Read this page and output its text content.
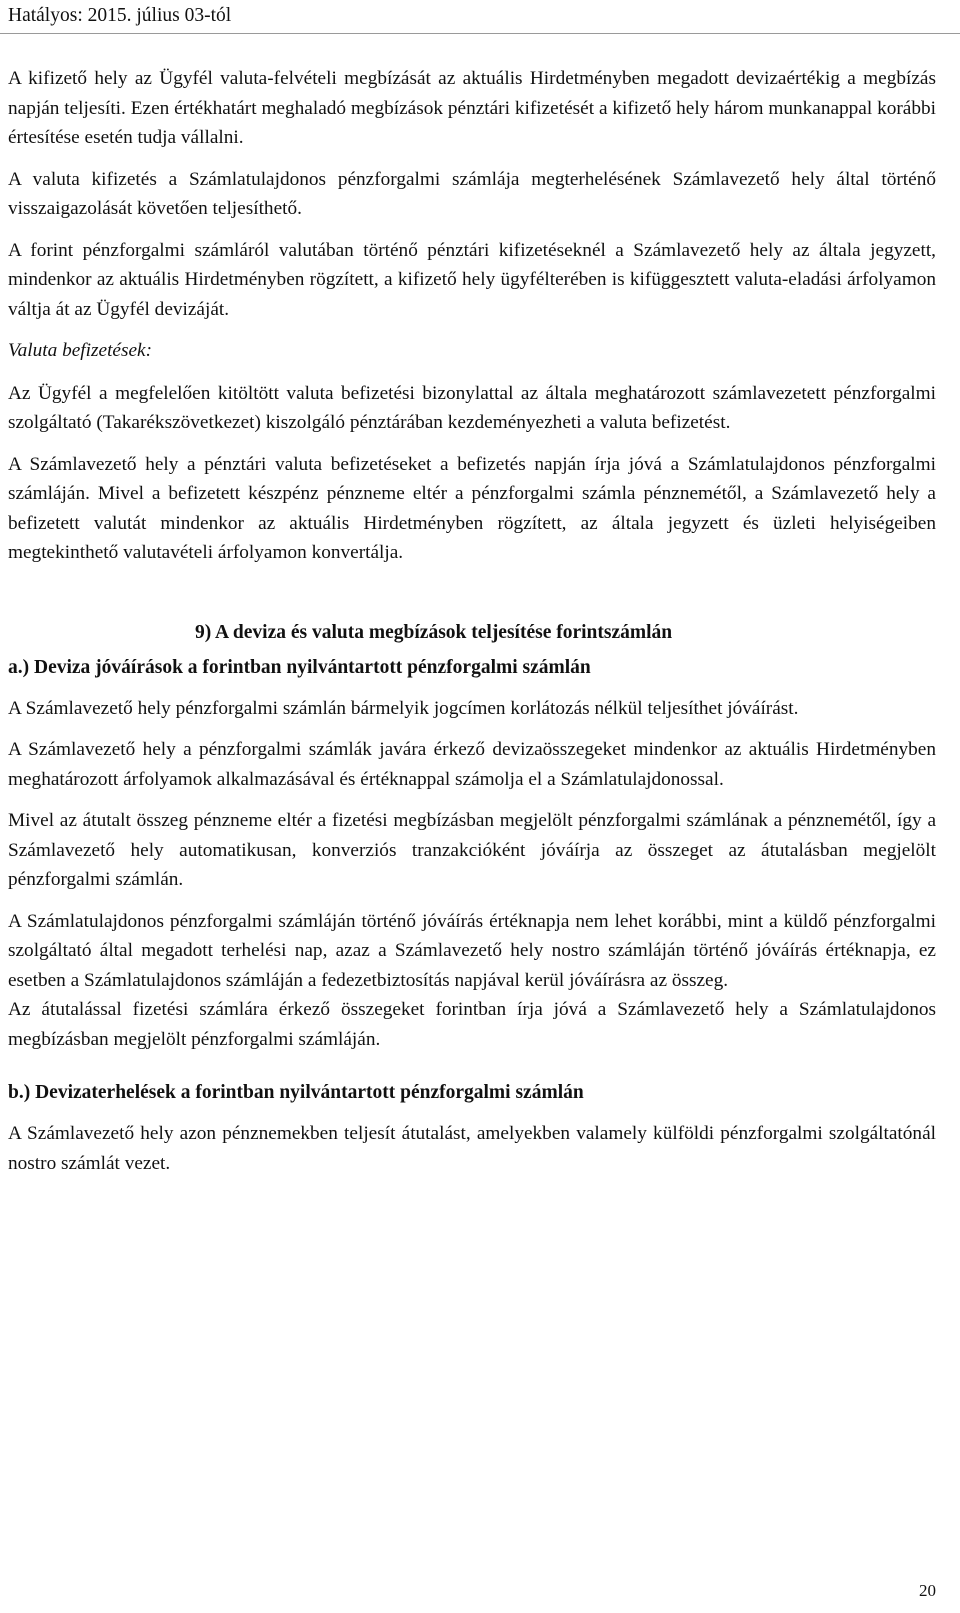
Hatályos: 2015. július 03-tól

A kifizető hely az Ügyfél valuta-felvételi megbízását az aktuális Hirdetményben megadott devizaértékig a megbízás napján teljesíti. Ezen értékhatárt meghaladó megbízások pénztári kifizetését a kifizető hely három munkanappal korábbi értesítése esetén tudja vállalni.

A valuta kifizetés a Számlatulajdonos pénzforgalmi számlája megterhelésének Számlavezető hely által történő visszaigazolását követően teljesíthető.

A forint pénzforgalmi számláról valutában történő pénztári kifizetéseknél a Számlavezető hely az általa jegyzett, mindenkor az aktuális Hirdetményben rögzített, a kifizető hely ügyfélterében is kifüggesztett valuta-eladási árfolyamon váltja át az Ügyfél devizáját.

Valuta befizetések:

Az Ügyfél a megfelelően kitöltött valuta befizetési bizonylattal az általa meghatározott számlavezetett pénzforgalmi szolgáltató (Takarékszövetkezet) kiszolgáló pénztárában kezdeményezheti a valuta befizetést.

A Számlavezető hely a pénztári valuta befizetéseket a befizetés napján írja jóvá a Számlatulajdonos pénzforgalmi számláján. Mivel a befizetett készpénz pénzneme eltér a pénzforgalmi számla pénznemétől, a Számlavezető hely a befizetett valutát mindenkor az aktuális Hirdetményben rögzített, az általa jegyzett és üzleti helyiségeiben megtekinthető valutavételi árfolyamon konvertálja.

9) A deviza és valuta megbízások teljesítése forintszámlán
a.) Deviza jóváírások a forintban nyilvántartott pénzforgalmi számlán

A Számlavezető hely pénzforgalmi számlán bármelyik jogcímen korlátozás nélkül teljesíthet jóváírást.

A Számlavezető hely a pénzforgalmi számlák javára érkező devizaösszegeket mindenkor az aktuális Hirdetményben meghatározott árfolyamok alkalmazásával és értéknappal számolja el a Számlatulajdonossal.

Mivel az átutalt összeg pénzneme eltér a fizetési megbízásban megjelölt pénzforgalmi számlának a pénznemétől, így a Számlavezető hely automatikusan, konverziós tranzakcióként jóváírja az összeget az átutalásban megjelölt pénzforgalmi számlán.

A Számlatulajdonos pénzforgalmi számláján történő jóváírás értéknapja nem lehet korábbi, mint a küldő pénzforgalmi szolgáltató által megadott terhelési nap, azaz a Számlavezető hely nostro számláján történő jóváírás értéknapja, ez esetben a Számlatulajdonos számláján a fedezetbiztosítás napjával kerül jóváírásra az összeg.

Az átutalással fizetési számlára érkező összegeket forintban írja jóvá a Számlavezető hely a Számlatulajdonos megbízásban megjelölt pénzforgalmi számláján.

b.) Devizaterhelések a forintban nyilvántartott pénzforgalmi számlán

A Számlavezető hely azon pénznemekben teljesít átutalást, amelyekben valamely külföldi pénzforgalmi szolgáltatónál nostro számlát vezet.

20
